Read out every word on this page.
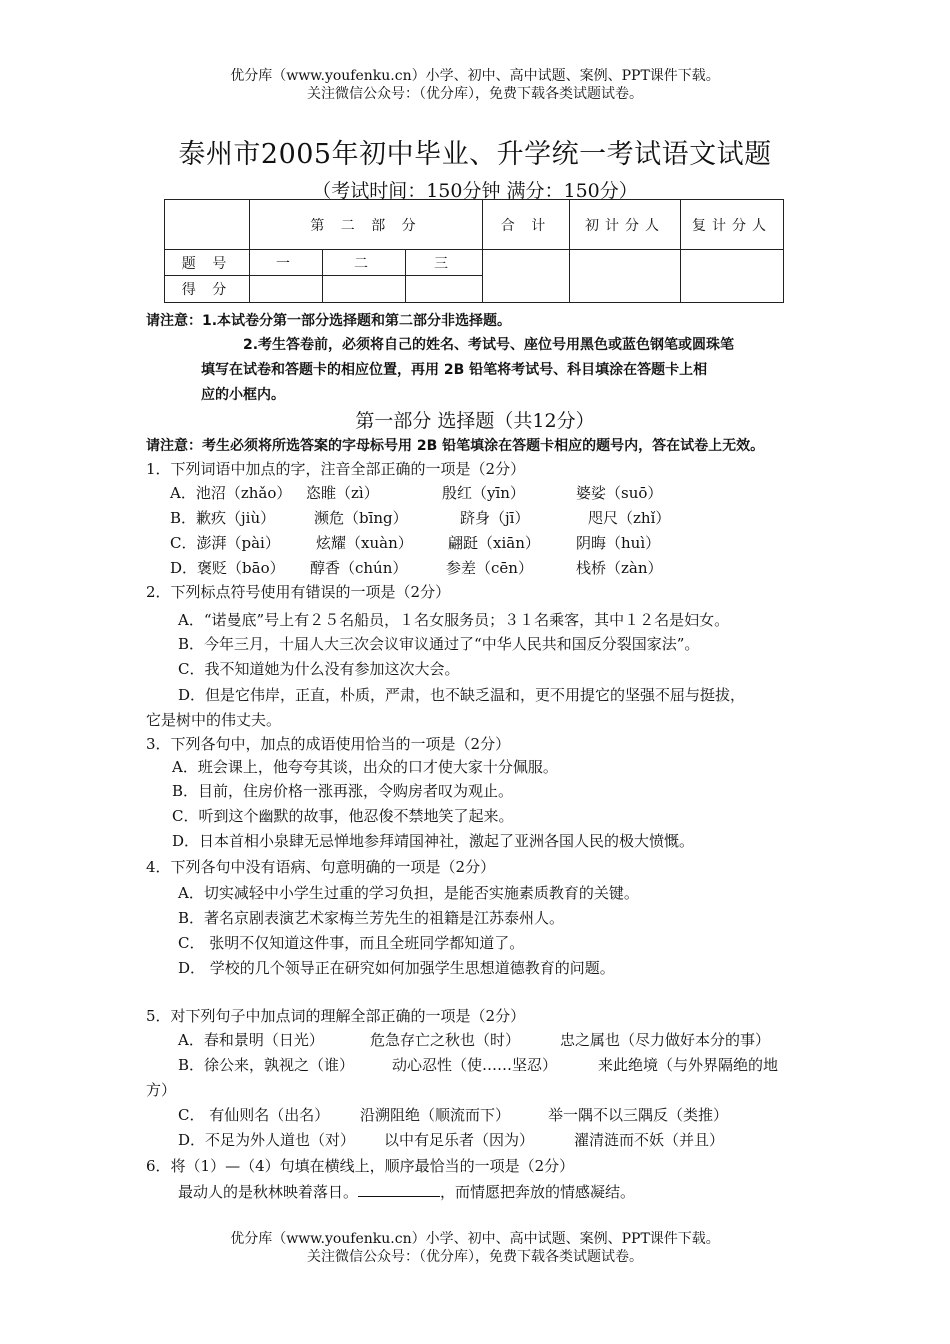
优分库（www.youfenku.cn）小学、初中、高中试题、案例、PPT课件下载。
关注微信公众号：（优分库），免费下载各类试题试卷。
泰州市2005年初中毕业、升学统一考试语文试题
（考试时间：150分钟 满分：150分）
	第 二 部 分			合 计	初计分人	复计分人
题 号	一	二	三			
得 分						
请注意：1.本试卷分第一部分选择题和第二部分非选择题。
2.考生答卷前，必须将自己的姓名、考试号、座位号用黑色或蓝色钢笔或圆珠笔
填写在试卷和答题卡的相应位置，再用 2B 铅笔将考试号、科目填涂在答题卡上相
应的小框内。
第一部分 选择题（共12分）
请注意：考生必须将所选答案的字母标号用 2B 铅笔填涂在答题卡相应的题号内，答在试卷上无效。
1．下列词语中加点的字，注音全部正确的一项是（2分）
A．池沼（zhǎo） 恣睢（zì）	殷红（yīn）	婆娑（suō）
B．歉疚（jiù）	濒危（bīng）	跻身（jī）	咫尺（zhǐ）
C．澎湃（pài） 炫耀（xuàn） 翩跹（xiān） 阴晦（huì）
D．褒贬（bāo） 醇香（chún）	参差（cēn）	栈桥（zàn）
2．下列标点符号使用有错误的一项是（2分）
A．“诺曼底”号上有２５名船员，１名女服务员；３１名乘客，其中１２名是妇女。
B．今年三月，十届人大三次会议审议通过了“中华人民共和国反分裂国家法”。
C．我不知道她为什么没有参加这次大会。
D．但是它伟岸，正直，朴质，严肃，也不缺乏温和，更不用提它的坚强不屈与挺拔，
它是树中的伟丈夫。
3．下列各句中，加点的成语使用恰当的一项是（2分）
A．班会课上，他夸夸其谈，出众的口才使大家十分佩服。
B．目前，住房价格一涨再涨，令购房者叹为观止。
C．听到这个幽默的故事，他忍俊不禁地笑了起来。
D．日本首相小泉肆无忌惮地参拜靖国神社，激起了亚洲各国人民的极大愤慨。
4．下列各句中没有语病、句意明确的一项是（2分）
A．切实减轻中小学生过重的学习负担，是能否实施素质教育的关键。
B．著名京剧表演艺术家梅兰芳先生的祖籍是江苏泰州人。
C． 张明不仅知道这件事，而且全班同学都知道了。
D． 学校的几个领导正在研究如何加强学生思想道德教育的问题。
5．对下列句子中加点词的理解全部正确的一项是（2分）
A．春和景明（日光）	危急存亡之秋也（时）	忠之属也（尽力做好本分的事）
B．徐公来，孰视之（谁）	动心忍性（使……坚忍）	来此绝境（与外界隔绝的地
方）
C． 有仙则名（出名） 沿溯阻绝（顺流而下）	举一隅不以三隅反（类推）
D．不足为外人道也（对） 以中有足乐者（因为）	濯清涟而不妖（并且）
6．将（1）—（4）句填在横线上，顺序最恰当的一项是（2分）
最动人的是秋林映着落日。	，而情愿把奔放的情感凝结。
优分库（www.youfenku.cn）小学、初中、高中试题、案例、PPT课件下载。
关注微信公众号：（优分库），免费下载各类试题试卷。
